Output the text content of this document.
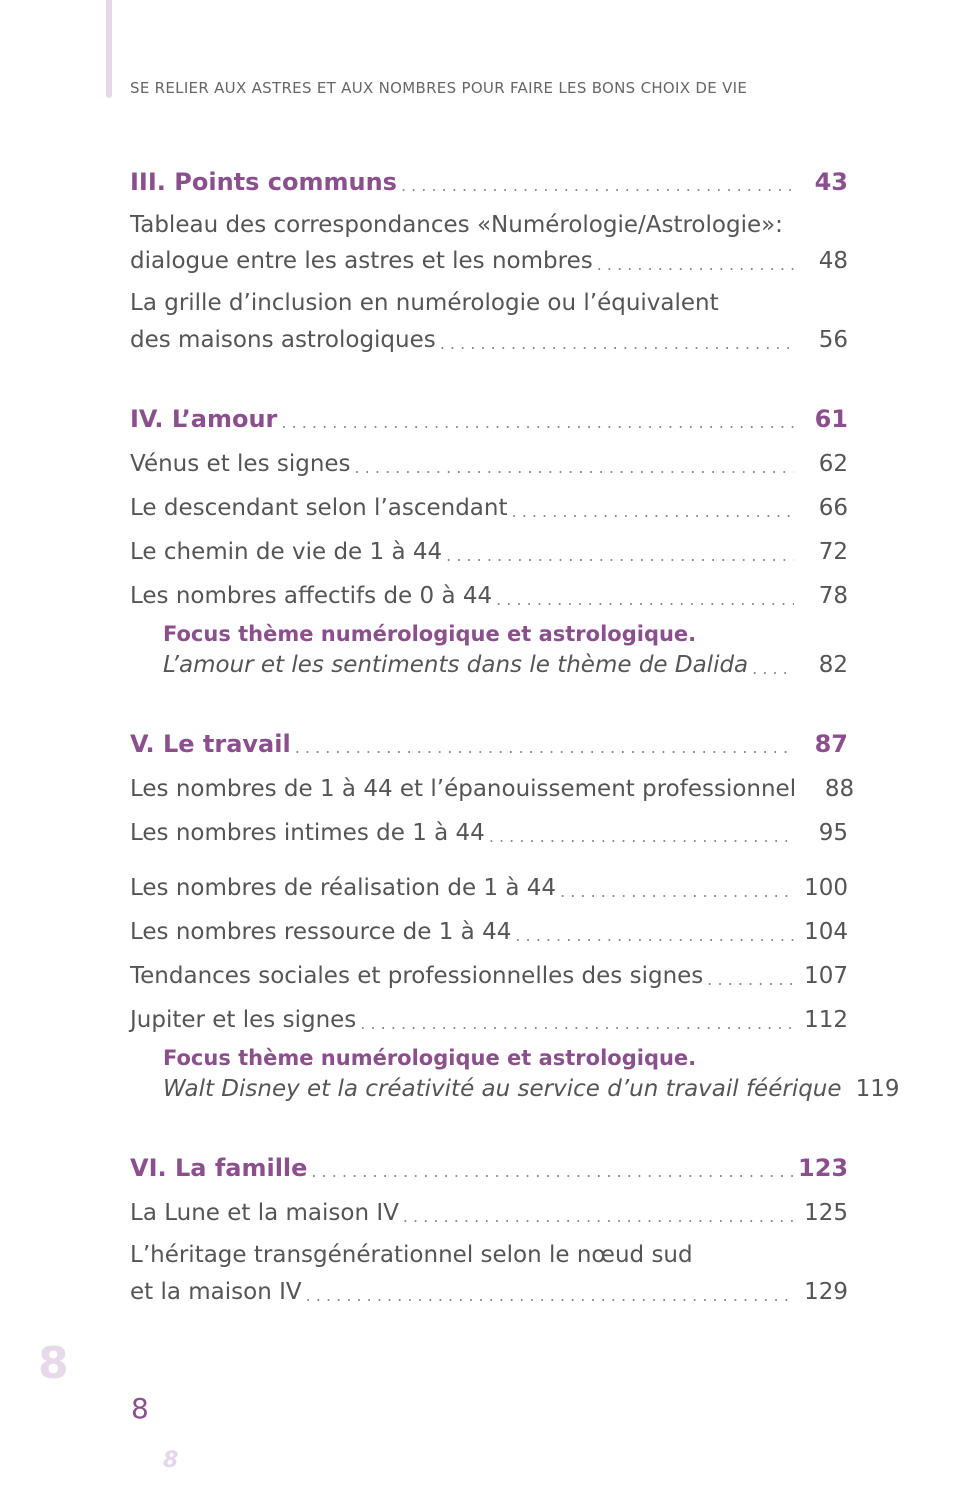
SE RELIER AUX ASTRES ET AUX NOMBRES POUR FAIRE LES BONS CHOIX DE VIE
III. Points communs . . .	43
Tableau des correspondances «Numérologie/Astrologie»:
dialogue entre les astres et les nombres . . .	48
La grille d’inclusion en numérologie ou l’équivalent
des maisons astrologiques . . .	56
IV. L’amour . . .	61
Vénus et les signes . . .	62
Le descendant selon l’ascendant . . .	66
Le chemin de vie de 1 à 44 . . .	72
Les nombres affectifs de 0 à 44 . . .	78
Focus thème numérologique et astrologique.
L’amour et les sentiments dans le thème de Dalida . . .	82
V. Le travail . . .	87
Les nombres de 1 à 44 et l’épanouissement professionnel	88
Les nombres intimes de 1 à 44 . . .	95
Les nombres de réalisation de 1 à 44 . . .	100
Les nombres ressource de 1 à 44 . . .	104
Tendances sociales et professionnelles des signes . . .	107
Jupiter et les signes . . .	112
Focus thème numérologique et astrologique.
Walt Disney et la créativité au service d’un travail féérique 119
VI. La famille . . .	123
La Lune et la maison IV . . .	125
L’héritage transgénérationnel selon le nœud sud
et la maison IV . . .	129
8
8
8
